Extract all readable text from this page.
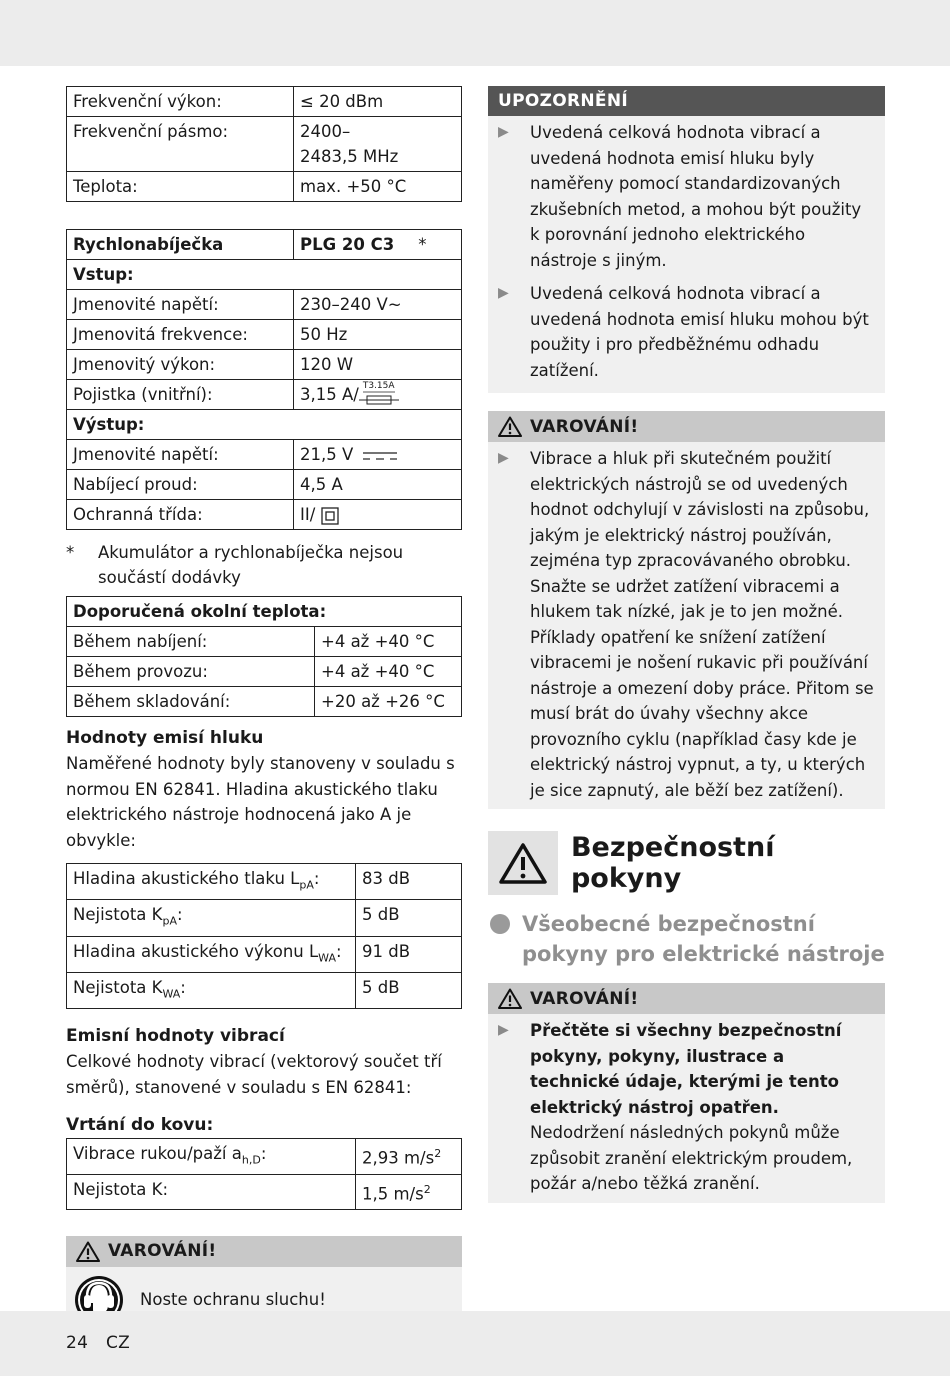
Frekvenční výkon:	≤ 20 dBm
Frekvenční pásmo:	2400–
2483,5 MHz
Teplota:	max. +50 °C
Rychlonabíječka	PLG 20 C3 *
Vstup:	
Jmenovité napětí:	230–240 V~
Jmenovitá frekvence:	50 Hz
Jmenovitý výkon:	120 W
Pojistka (vnitřní):	3,15 A/ T3.15A

Výstup:	
Jmenovité napětí:	21,5 V
Nabíjecí proud:	4,5 A
Ochranná třída:	II/
*	Akumulátor a rychlonabíječka nejsou součástí dodávky
Doporučená okolní teplota:	
Během nabíjení:	+4 až +40 °C
Během provozu:	+4 až +40 °C
Během skladování:	+20 až +26 °C
Hodnoty emisí hluku

Naměřené hodnoty byly stanoveny v souladu s normou EN 62841. Hladina akustického tlaku elektrického nástroje hodnocená jako A je obvykle:

Hladina akustického tlaku $L_{pA}$:	83 dB
Nejistota $K_{pA}$:	5 dB
Hladina akustického výkonu $L_{WA}$:	91 dB
Nejistota $K_{WA}$:	5 dB
Emisní hodnoty vibrací

Celkové hodnoty vibrací (vektorový součet tří směrů), stanovené v souladu s EN 62841:

Vrtání do kovu:
Vibrace rukou/paží $a_{h,D}$:	2,93 $m/s^2$
Nejistota K:	1,5 $m/s^2$
VAROVÁNÍ!
Noste ochranu sluchu!
UPOZORNĚNÍ
▶	Uvedená celková hodnota vibrací a uvedená hodnota emisí hluku byly naměřeny pomocí standardizovaných zkušebních metod, a mohou být použity k porovnání jednoho elektrického nástroje s jiným.
▶	Uvedená celková hodnota vibrací a uvedená hodnota emisí hluku mohou být použity i pro předběžnému odhadu zatížení.
VAROVÁNÍ!
▶	Vibrace a hluk při skutečném použití elektrických nástrojů se od uvedených hodnot odchylují v závislosti na způsobu, jakým je elektrický nástroj používán, zejména typ zpracovávaného obrobku. Snažte se udržet zatížení vibracemi a hlukem tak nízké, jak je to jen možné. Příklady opatření ke snížení zatížení vibracemi je nošení rukavic při používání nástroje a omezení doby práce. Přitom se musí brát do úvahy všechny akce provozního cyklu (například časy kde je elektrický nástroj vypnut, a ty, u kterých je sice zapnutý, ale běží bez zatížení).
Bezpečnostní pokyny
Všeobecné bezpečnostní pokyny pro elektrické nástroje
VAROVÁNÍ!
▶	Přečtěte si všechny bezpečnostní pokyny, pokyny, ilustrace a technické údaje, kterými je tento elektrický nástroj opatřen. Nedodržení následných pokynů může způsobit zranění elektrickým proudem, požár a/nebo těžká zranění.
24 CZ
